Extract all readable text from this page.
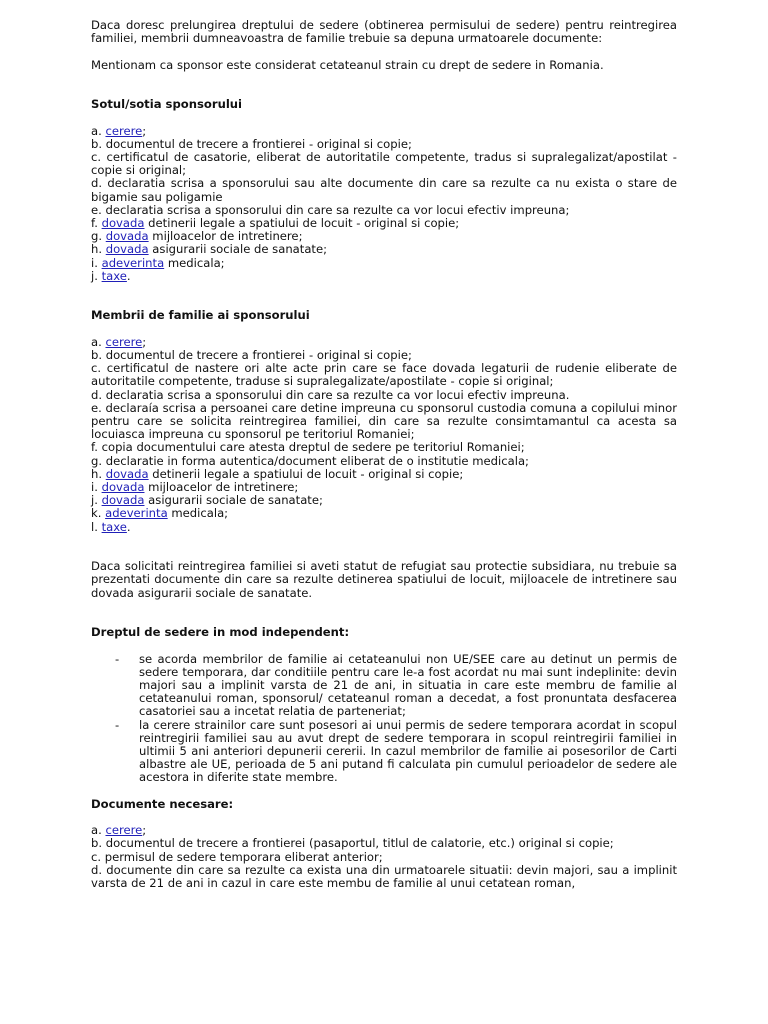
Daca doresc prelungirea dreptului de sedere (obtinerea permisului de sedere) pentru reintregirea familiei, membrii dumneavoastra de familie trebuie sa depuna urmatoarele documente:

Mentionam ca sponsor este considerat cetateanul strain cu drept de sedere in Romania.

Sotul/sotia sponsorului

a. cerere;

b. documentul de trecere a frontierei - original si copie;

c. certificatul de casatorie, eliberat de autoritatile competente, tradus si supralegalizat/apostilat - copie si original;

d. declaratia scrisa a sponsorului sau alte documente din care sa rezulte ca nu exista o stare de bigamie sau poligamie

e. declaratia scrisa a sponsorului din care sa rezulte ca vor locui efectiv impreuna;

f. dovada detinerii legale a spatiului de locuit - original si copie;

g. dovada mijloacelor de intretinere;

h. dovada asigurarii sociale de sanatate;

i. adeverinta medicala;

j. taxe.

Membrii de familie ai sponsorului

a. cerere;

b. documentul de trecere a frontierei - original si copie;

c. certificatul de nastere ori alte acte prin care se face dovada legaturii de rudenie eliberate de autoritatile competente, traduse si supralegalizate/apostilate - copie si original;

d. declaratia scrisa a sponsorului din care sa rezulte ca vor locui efectiv impreuna.

e. declaraía scrisa a persoanei care detine impreuna cu sponsorul custodia comuna a copilului minor pentru care se solicita reintregirea familiei, din care sa rezulte consimtamantul ca acesta sa locuiasca impreuna cu sponsorul pe teritoriul Romaniei;

f. copia documentului care atesta dreptul de sedere pe teritoriul Romaniei;

g. declaratie in forma autentica/document eliberat de o institutie medicala;

h. dovada detinerii legale a spatiului de locuit - original si copie;

i. dovada mijloacelor de intretinere;

j. dovada asigurarii sociale de sanatate;

k. adeverinta medicala;

l. taxe.

Daca solicitati reintregirea familiei si aveti statut de refugiat sau protectie subsidiara, nu trebuie sa prezentati documente din care sa rezulte detinerea spatiului de locuit, mijloacele de intretinere sau dovada asigurarii sociale de sanatate.

Dreptul de sedere in mod independent:
- se acorda membrilor de familie ai cetateanului non UE/SEE care au detinut un permis de sedere temporara, dar conditiile pentru care le-a fost acordat nu mai sunt indeplinite: devin majori sau a implinit varsta de 21 de ani, in situatia in care este membru de familie al cetateanului roman, sponsorul/ cetateanul roman a decedat, a fost pronuntata desfacerea casatoriei sau a incetat relatia de parteneriat;
- la cerere strainilor care sunt posesori ai unui permis de sedere temporara acordat in scopul reintregirii familiei sau au avut drept de sedere temporara in scopul reintregirii familiei in ultimii 5 ani anteriori depunerii cererii. In cazul membrilor de familie ai posesorilor de Carti albastre ale UE, perioada de 5 ani putand fi calculata pin cumulul perioadelor de sedere ale acestora in diferite state membre.
Documente necesare:

a. cerere;

b. documentul de trecere a frontierei (pasaportul, titlul de calatorie, etc.) original si copie;

c. permisul de sedere temporara eliberat anterior;

d. documente din care sa rezulte ca exista una din urmatoarele situatii: devin majori, sau a implinit varsta de 21 de ani in cazul in care este membu de familie al unui cetatean roman,
